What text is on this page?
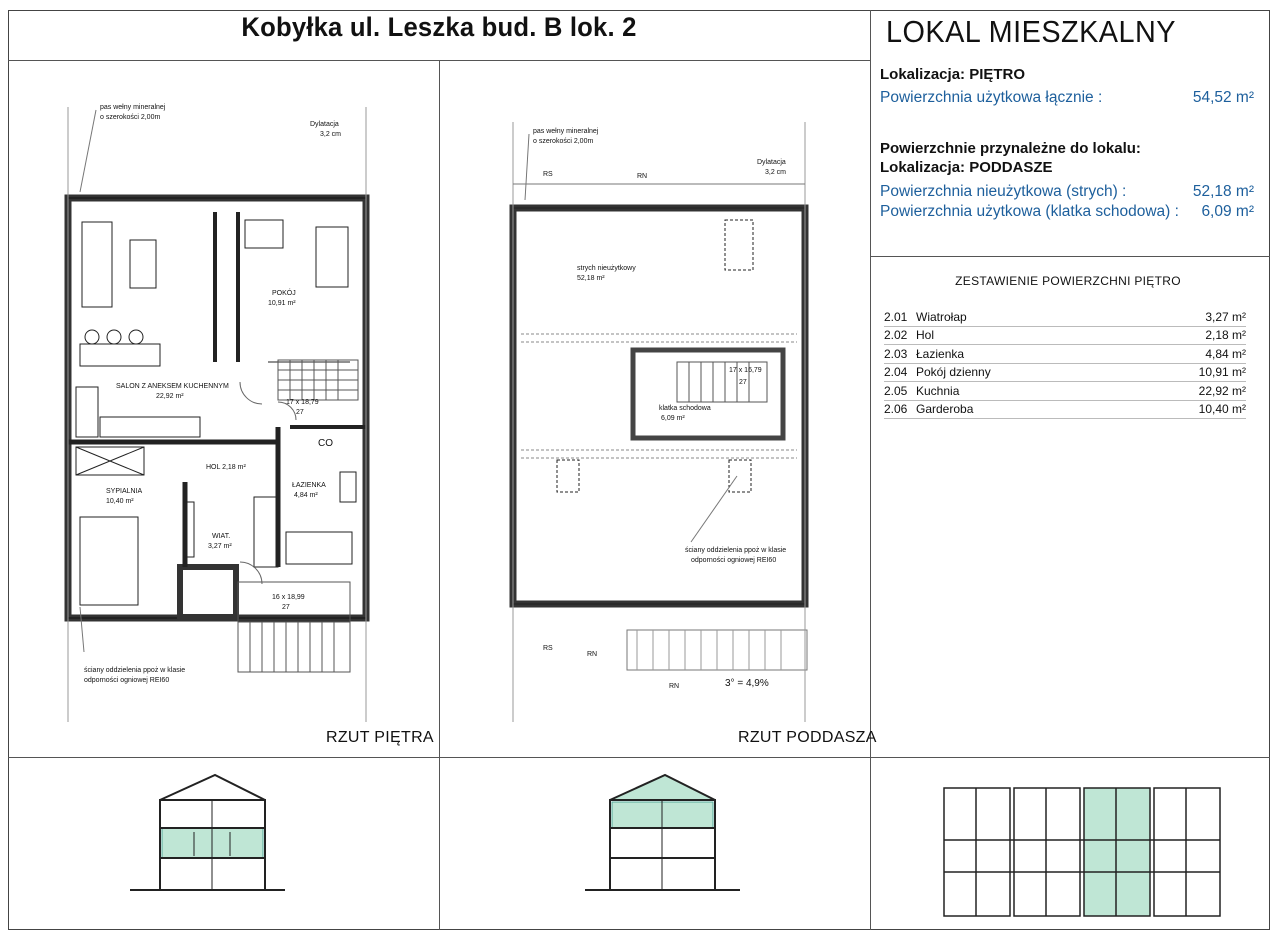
Kobyłka ul. Leszka bud. B lok. 2	LOKAL MIESZKALNY
Lokalizacja: PIĘTRO
Powierzchnia użytkowa łącznie :	54,52 m²
Powierzchnie przynależne do lokalu:
Lokalizacja: PODDASZE
Powierzchnia nieużytkowa (strych) :	52,18 m²
Powierzchnia użytkowa (klatka schodowa) :	6,09 m²
ZESTAWIENIE POWIERZCHNI PIĘTRO
2.01 Wiatrołap	3,27 m²
2.02 Hol	2,18 m²
2.03 Łazienka	4,84 m²
2.04 Pokój dzienny	10,91 m²
2.05 Kuchnia	22,92 m²
2.06 Garderoba	10,40 m²
pas wełny mineralnej
o szerokości 2,00m
Dylatacja
3,2 cm
POKÓJ
10,91 m²
SALON Z ANEKSEM KUCHENNYM
22,92 m²
HOL 2,18 m²
ŁAZIENKA
4,84 m²
SYPIALNIA
10,40 m²
WIAT.
3,27 m²
17 x 18,79
27
16 x 18,99
27
CO
ściany oddzielenia ppoż w klasie
odporności ogniowej REI60
RZUT PIĘTRA
pas wełny mineralnej
o szerokości 2,00m
Dylatacja
3,2 cm
RS	RN
strych nieużytkowy
52,18 m²
klatka schodowa
6,09 m²
17 x 16,79
27
ściany oddzielenia ppoż w klasie
odporności ogniowej REI60
RS
RN
RN	3° = 4,9%
RZUT PODDASZA
